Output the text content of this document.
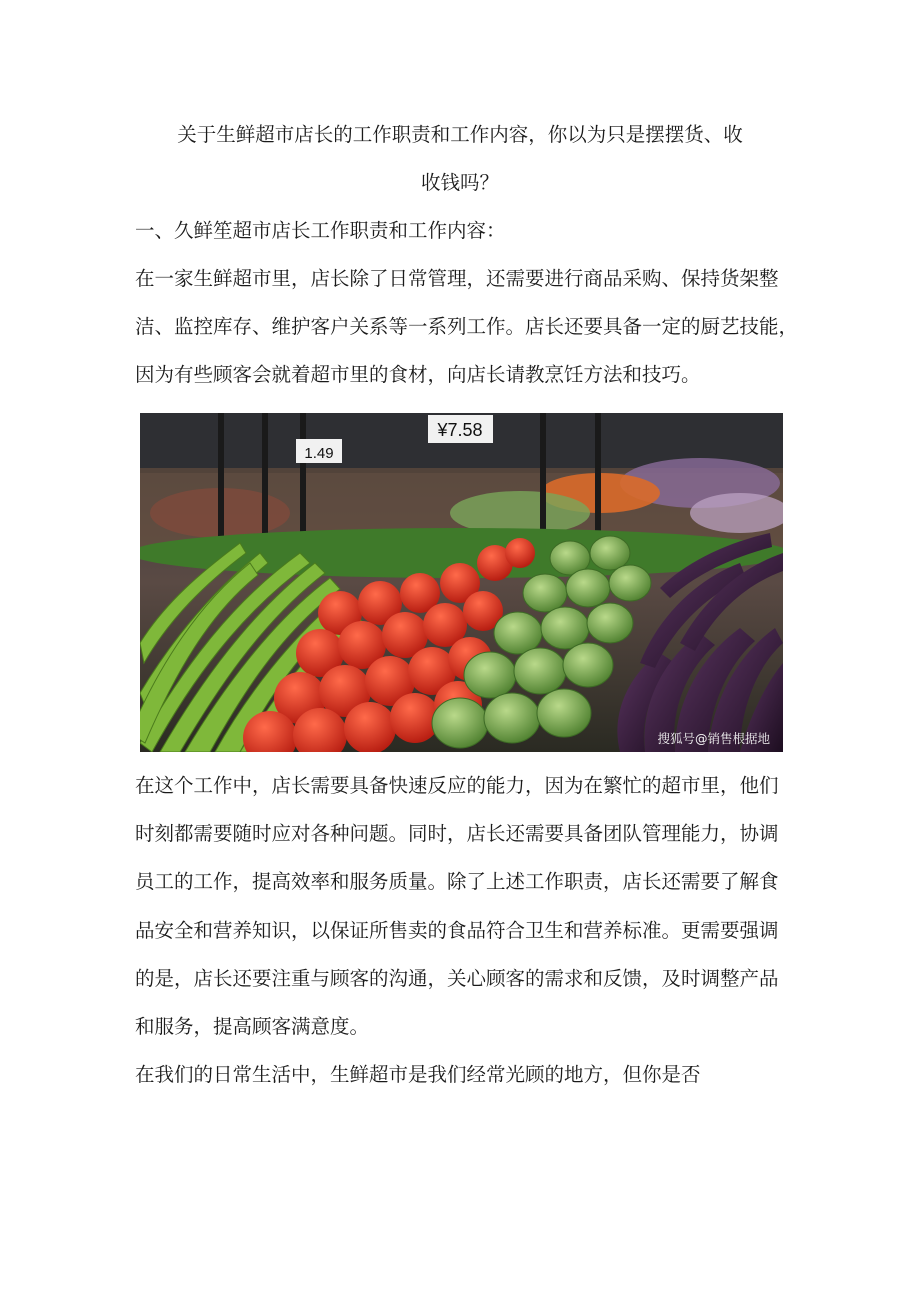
关于生鲜超市店长的工作职责和工作内容，你以为只是摆摆货、收
收钱吗？
一、久鲜笙超市店长工作职责和工作内容：
在一家生鲜超市里，店长除了日常管理，还需要进行商品采购、保持货架整
洁、监控库存、维护客户关系等一系列工作。店长还要具备一定的厨艺技能，
因为有些顾客会就着超市里的食材，向店长请教烹饪方法和技巧。
¥7.58
1.49
搜狐号@销售根据地
在这个工作中，店长需要具备快速反应的能力，因为在繁忙的超市里，他们
时刻都需要随时应对各种问题。同时，店长还需要具备团队管理能力，协调
员工的工作，提高效率和服务质量。除了上述工作职责，店长还需要了解食
品安全和营养知识，以保证所售卖的食品符合卫生和营养标准。更需要强调
的是，店长还要注重与顾客的沟通，关心顾客的需求和反馈，及时调整产品
和服务，提高顾客满意度。
在我们的日常生活中，生鲜超市是我们经常光顾的地方，但你是否
